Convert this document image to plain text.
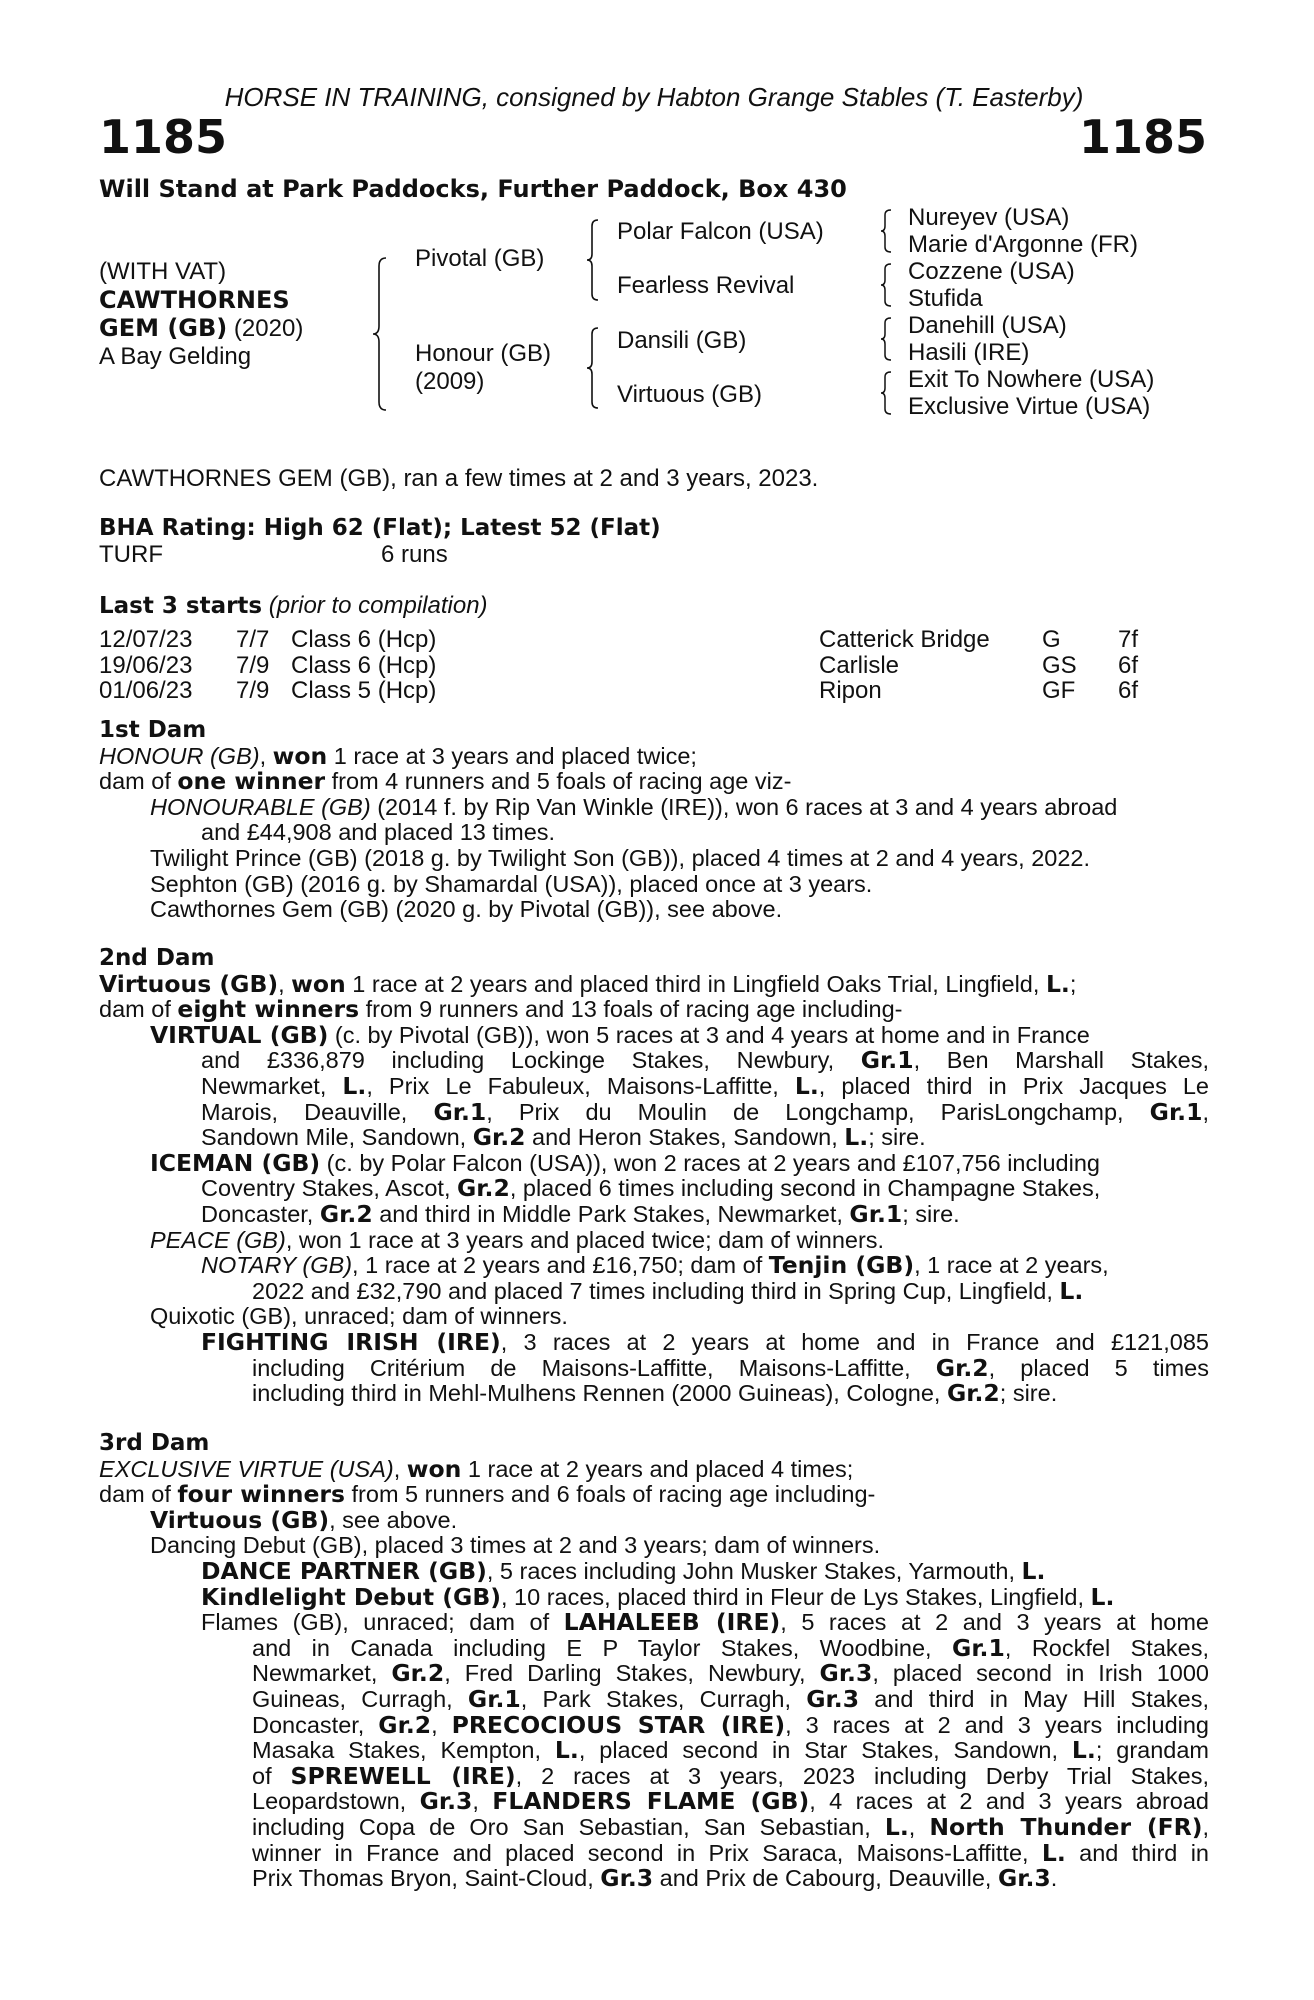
HORSE IN TRAINING, consigned by Habton Grange Stables (T. Easterby)
1185	1185
Will Stand at Park Paddocks, Further Paddock, Box 430
(WITH VAT)
CAWTHORNES
GEM (GB) (2020)
A Bay Gelding
Pivotal (GB)
Honour (GB)
(2009)
Polar Falcon (USA)
Fearless Revival
Dansili (GB)
Virtuous (GB)
Nureyev (USA)
Marie d'Argonne (FR)
Cozzene (USA)
Stufida
Danehill (USA)
Hasili (IRE)
Exit To Nowhere (USA)
Exclusive Virtue (USA)
CAWTHORNES GEM (GB), ran a few times at 2 and 3 years, 2023.
BHA Rating: High 62 (Flat); Latest 52 (Flat)
TURF	6 runs
Last 3 starts (prior to compilation)
12/07/23 7/7 Class 6 (Hcp)	Catterick Bridge G 7f
19/06/23 7/9 Class 6 (Hcp)	Carlisle	GS 6f
01/06/23 7/9 Class 5 (Hcp)	Ripon	GF 6f
1st Dam
HONOUR (GB), won 1 race at 3 years and placed twice;
dam of one winner from 4 runners and 5 foals of racing age viz-
HONOURABLE (GB) (2014 f. by Rip Van Winkle (IRE)), won 6 races at 3 and 4 years abroad
and £44,908 and placed 13 times.
Twilight Prince (GB) (2018 g. by Twilight Son (GB)), placed 4 times at 2 and 4 years, 2022.
Sephton (GB) (2016 g. by Shamardal (USA)), placed once at 3 years.
Cawthornes Gem (GB) (2020 g. by Pivotal (GB)), see above.
2nd Dam
Virtuous (GB), won 1 race at 2 years and placed third in Lingfield Oaks Trial, Lingfield, L.;
dam of eight winners from 9 runners and 13 foals of racing age including-
VIRTUAL (GB) (c. by Pivotal (GB)), won 5 races at 3 and 4 years at home and in France
and £336,879 including Lockinge Stakes, Newbury, Gr.1, Ben Marshall Stakes,
Newmarket, L., Prix Le Fabuleux, Maisons-Laffitte, L., placed third in Prix Jacques Le
Marois, Deauville, Gr.1, Prix du Moulin de Longchamp, ParisLongchamp, Gr.1,
Sandown Mile, Sandown, Gr.2 and Heron Stakes, Sandown, L.; sire.
ICEMAN (GB) (c. by Polar Falcon (USA)), won 2 races at 2 years and £107,756 including
Coventry Stakes, Ascot, Gr.2, placed 6 times including second in Champagne Stakes,
Doncaster, Gr.2 and third in Middle Park Stakes, Newmarket, Gr.1; sire.
PEACE (GB), won 1 race at 3 years and placed twice; dam of winners.
NOTARY (GB), 1 race at 2 years and £16,750; dam of Tenjin (GB), 1 race at 2 years,
2022 and £32,790 and placed 7 times including third in Spring Cup, Lingfield, L.
Quixotic (GB), unraced; dam of winners.
FIGHTING IRISH (IRE), 3 races at 2 years at home and in France and £121,085
including Critérium de Maisons-Laffitte, Maisons-Laffitte, Gr.2, placed 5 times
including third in Mehl-Mulhens Rennen (2000 Guineas), Cologne, Gr.2; sire.
3rd Dam
EXCLUSIVE VIRTUE (USA), won 1 race at 2 years and placed 4 times;
dam of four winners from 5 runners and 6 foals of racing age including-
Virtuous (GB), see above.
Dancing Debut (GB), placed 3 times at 2 and 3 years; dam of winners.
DANCE PARTNER (GB), 5 races including John Musker Stakes, Yarmouth, L.
Kindlelight Debut (GB), 10 races, placed third in Fleur de Lys Stakes, Lingfield, L.
Flames (GB), unraced; dam of LAHALEEB (IRE), 5 races at 2 and 3 years at home
and in Canada including E P Taylor Stakes, Woodbine, Gr.1, Rockfel Stakes,
Newmarket, Gr.2, Fred Darling Stakes, Newbury, Gr.3, placed second in Irish 1000
Guineas, Curragh, Gr.1, Park Stakes, Curragh, Gr.3 and third in May Hill Stakes,
Doncaster, Gr.2, PRECOCIOUS STAR (IRE), 3 races at 2 and 3 years including
Masaka Stakes, Kempton, L., placed second in Star Stakes, Sandown, L.; grandam
of SPREWELL (IRE), 2 races at 3 years, 2023 including Derby Trial Stakes,
Leopardstown, Gr.3, FLANDERS FLAME (GB), 4 races at 2 and 3 years abroad
including Copa de Oro San Sebastian, San Sebastian, L., North Thunder (FR),
winner in France and placed second in Prix Saraca, Maisons-Laffitte, L. and third in
Prix Thomas Bryon, Saint-Cloud, Gr.3 and Prix de Cabourg, Deauville, Gr.3.
